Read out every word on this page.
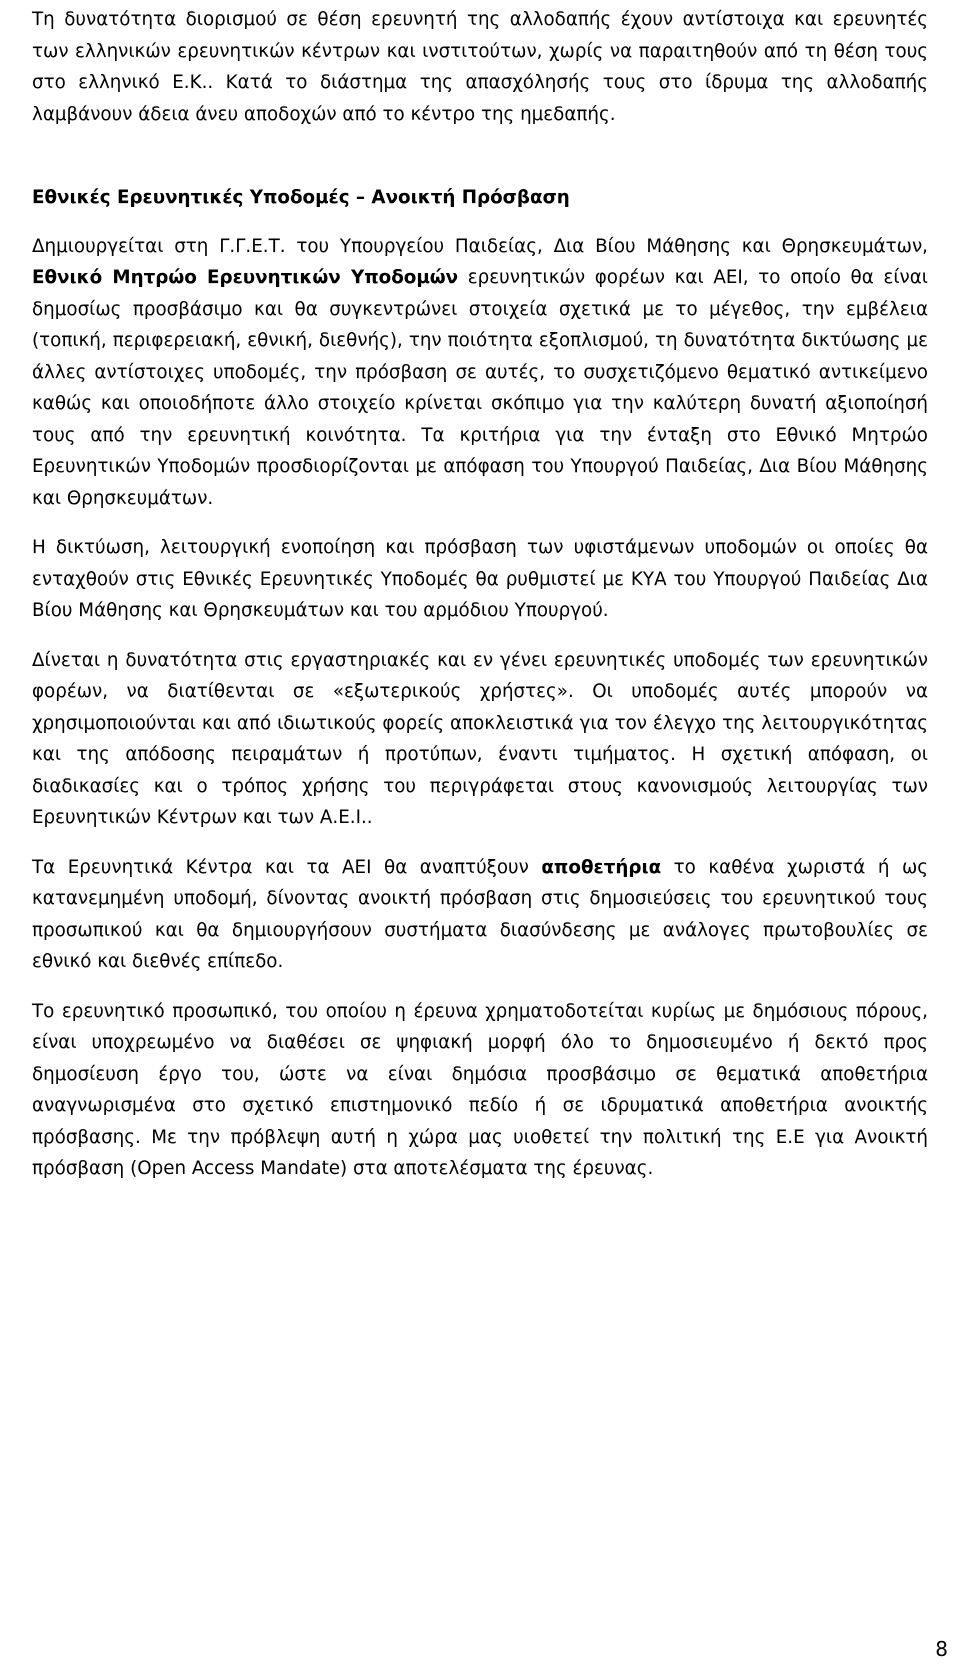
Τη δυνατότητα διορισμού σε θέση ερευνητή της αλλοδαπής έχουν αντίστοιχα και ερευνητές των ελληνικών ερευνητικών κέντρων και ινστιτούτων, χωρίς να παραιτηθούν από τη θέση τους στο ελληνικό Ε.Κ.. Κατά το διάστημα της απασχόλησής τους στο ίδρυμα της αλλοδαπής λαμβάνουν άδεια άνευ αποδοχών από το κέντρο της ημεδαπής.

Εθνικές Ερευνητικές Υποδομές – Ανοικτή Πρόσβαση

Δημιουργείται στη Γ.Γ.Ε.Τ. του Υπουργείου Παιδείας, Δια Βίου Μάθησης και Θρησκευμάτων, Εθνικό Μητρώο Ερευνητικών Υποδομών ερευνητικών φορέων και ΑΕΙ, το οποίο θα είναι δημοσίως προσβάσιμο και θα συγκεντρώνει στοιχεία σχετικά με το μέγεθος, την εμβέλεια (τοπική, περιφερειακή, εθνική, διεθνής), την ποιότητα εξοπλισμού, τη δυνατότητα δικτύωσης με άλλες αντίστοιχες υποδομές, την πρόσβαση σε αυτές, το συσχετιζόμενο θεματικό αντικείμενο καθώς και οποιοδήποτε άλλο στοιχείο κρίνεται σκόπιμο για την καλύτερη δυνατή αξιοποίησή τους από την ερευνητική κοινότητα. Τα κριτήρια για την ένταξη στο Εθνικό Μητρώο Ερευνητικών Υποδομών προσδιορίζονται με απόφαση του Υπουργού Παιδείας, Δια Βίου Μάθησης και Θρησκευμάτων.

Η δικτύωση, λειτουργική ενοποίηση και πρόσβαση των υφιστάμενων υποδομών οι οποίες θα ενταχθούν στις Εθνικές Ερευνητικές Υποδομές θα ρυθμιστεί με ΚΥΑ του Υπουργού Παιδείας Δια Βίου Μάθησης και Θρησκευμάτων και του αρμόδιου Υπουργού.

Δίνεται η δυνατότητα στις εργαστηριακές και εν γένει ερευνητικές υποδομές των ερευνητικών φορέων, να διατίθενται σε «εξωτερικούς χρήστες». Οι υποδομές αυτές μπορούν να χρησιμοποιούνται και από ιδιωτικούς φορείς αποκλειστικά για τον έλεγχο της λειτουργικότητας και της απόδοσης πειραμάτων ή προτύπων, έναντι τιμήματος. Η σχετική απόφαση, οι διαδικασίες και ο τρόπος χρήσης του περιγράφεται στους κανονισμούς λειτουργίας των Ερευνητικών Κέντρων και των Α.Ε.Ι..

Τα Ερευνητικά Κέντρα και τα ΑΕΙ θα αναπτύξουν αποθετήρια το καθένα χωριστά ή ως κατανεμημένη υποδομή, δίνοντας ανοικτή πρόσβαση στις δημοσιεύσεις του ερευνητικού τους προσωπικού και θα δημιουργήσουν συστήματα διασύνδεσης με ανάλογες πρωτοβουλίες σε εθνικό και διεθνές επίπεδο.

Το ερευνητικό προσωπικό, του οποίου η έρευνα χρηματοδοτείται κυρίως με δημόσιους πόρους, είναι υποχρεωμένο να διαθέσει σε ψηφιακή μορφή όλο το δημοσιευμένο ή δεκτό προς δημοσίευση έργο του, ώστε να είναι δημόσια προσβάσιμο σε θεματικά αποθετήρια αναγνωρισμένα στο σχετικό επιστημονικό πεδίο ή σε ιδρυματικά αποθετήρια ανοικτής πρόσβασης. Με την πρόβλεψη αυτή η χώρα μας υιοθετεί την πολιτική της Ε.Ε για Ανοικτή πρόσβαση (Open Access Mandate) στα αποτελέσματα της έρευνας.

8
